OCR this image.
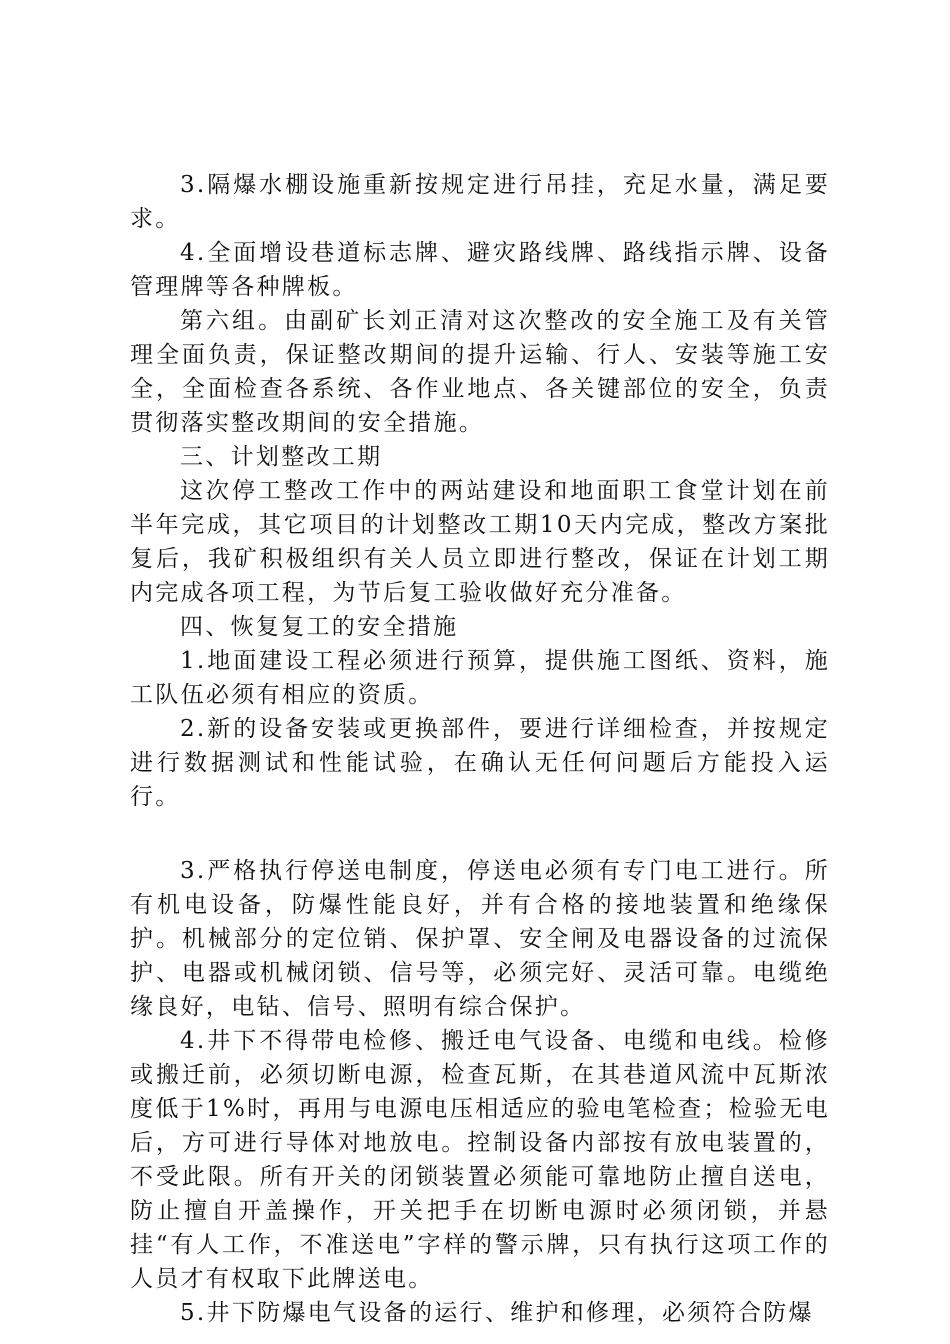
3.隔爆水棚设施重新按规定进行吊挂，充足水量，满足要求。

4.全面增设巷道标志牌、避灾路线牌、路线指示牌、设备管理牌等各种牌板。

第六组。由副矿长刘正清对这次整改的安全施工及有关管理全面负责，保证整改期间的提升运输、行人、安装等施工安全，全面检查各系统、各作业地点、各关键部位的安全，负责贯彻落实整改期间的安全措施。

三、计划整改工期

这次停工整改工作中的两站建设和地面职工食堂计划在前半年完成，其它项目的计划整改工期10天内完成，整改方案批复后，我矿积极组织有关人员立即进行整改，保证在计划工期内完成各项工程，为节后复工验收做好充分准备。

四、恢复复工的安全措施

1.地面建设工程必须进行预算，提供施工图纸、资料，施工队伍必须有相应的资质。

2.新的设备安装或更换部件，要进行详细检查，并按规定进行数据测试和性能试验，在确认无任何问题后方能投入运行。

3.严格执行停送电制度，停送电必须有专门电工进行。所有机电设备，防爆性能良好，并有合格的接地装置和绝缘保护。机械部分的定位销、保护罩、安全闸及电器设备的过流保护、电器或机械闭锁、信号等，必须完好、灵活可靠。电缆绝缘良好，电钻、信号、照明有综合保护。

4.井下不得带电检修、搬迁电气设备、电缆和电线。检修或搬迁前，必须切断电源，检查瓦斯，在其巷道风流中瓦斯浓度低于1%时，再用与电源电压相适应的验电笔检查；检验无电后，方可进行导体对地放电。控制设备内部按有放电装置的，不受此限。所有开关的闭锁装置必须能可靠地防止擅自送电，防止擅自开盖操作，开关把手在切断电源时必须闭锁，并悬挂“有人工作，不准送电”字样的警示牌，只有执行这项工作的人员才有权取下此牌送电。

5.井下防爆电气设备的运行、维护和修理，必须符合防爆
